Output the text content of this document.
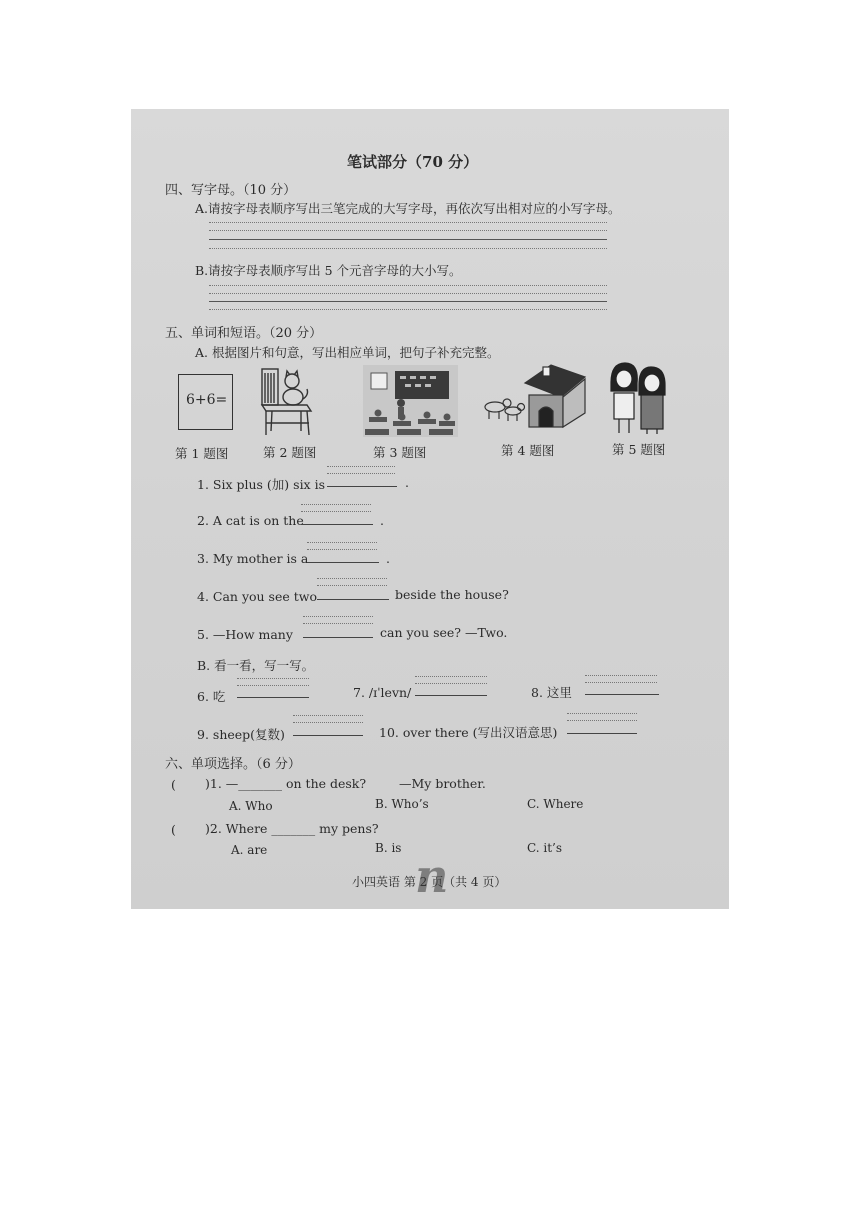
笔试部分（70 分）
四、写字母。（10 分）
A.请按字母表顺序写出三笔完成的大写字母，再依次写出相对应的小写字母。
B.请按字母表顺序写出 5 个元音字母的大小写。
五、单词和短语。（20 分）
A. 根据图片和句意，写出相应单词，把句子补充完整。
6+6=
第 1 题图	第 2 题图	第 3 题图	第 4 题图	第 5 题图
1. Six plus (加) six is	.
2. A cat is on the	.
3. My mother is a	.
4. Can you see two	beside the house?
5. —How many	can you see? —Two.
B. 看一看，写一写。
6. 吃	7. /ɪˈlevn/	8. 这里
9. sheep(复数)	10. over there (写出汉语意思)
六、单项选择。（6 分）
( )1. —_______ on the desk?	—My brother.
A. Who	B. Who’s	C. Where
( )2. Where _______ my pens?
A. are	B. is	C. it’s
小四英语 第 2 页（共 4 页）
n
